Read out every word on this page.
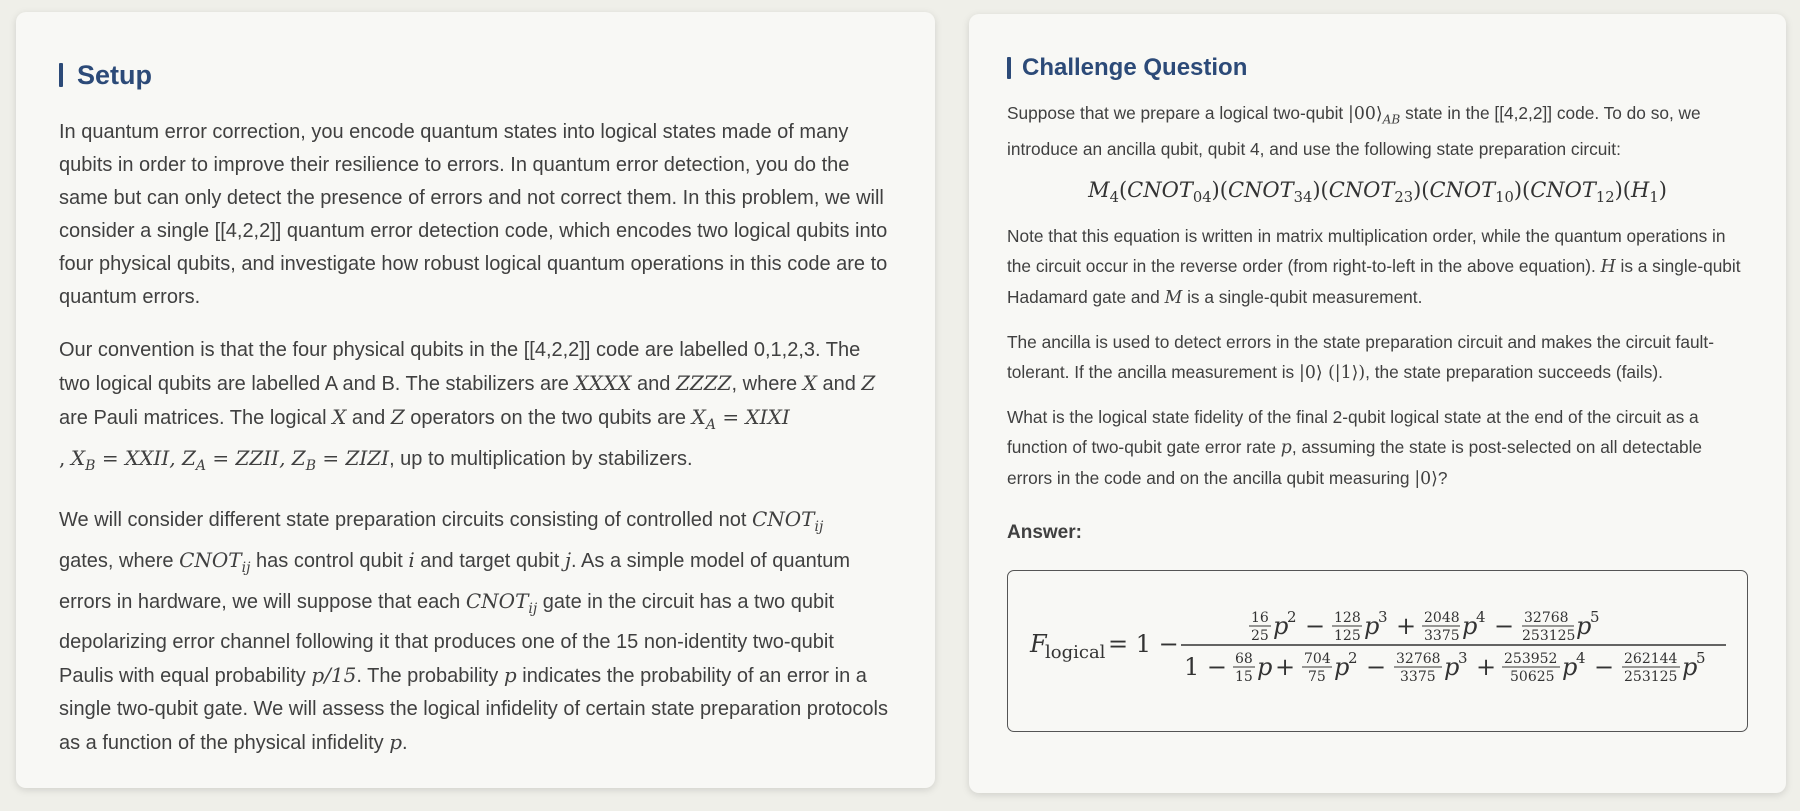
Setup

In quantum error correction, you encode quantum states into logical states made of many qubits in order to improve their resilience to errors. In quantum error detection, you do the same but can only detect the presence of errors and not correct them. In this problem, we will consider a single [[4,2,2]] quantum error detection code, which encodes two logical qubits into four physical qubits, and investigate how robust logical quantum operations in this code are to quantum errors.

Our convention is that the four physical qubits in the [[4,2,2]] code are labelled 0,1,2,3. The two logical qubits are labelled A and B. The stabilizers are XXXX and ZZZZ, where X and Z are Pauli matrices. The logical X and Z operators on the two qubits are $X_A$ = XIXI
, $X_B$ = XXII, $Z_A$ = ZZII, $Z_B$ = ZIZI, up to multiplication by stabilizers.

We will consider different state preparation circuits consisting of controlled not $CNOT_{ij}$
gates, where $CNOT_{ij}$ has control qubit i and target qubit j. As a simple model of quantum errors in hardware, we will suppose that each $CNOT_{ij}$ gate in the circuit has a two qubit depolarizing error channel following it that produces one of the 15 non-identity two-qubit Paulis with equal probability p/15. The probability p indicates the probability of an error in a single two-qubit gate. We will assess the logical infidelity of certain state preparation protocols as a function of the physical infidelity p.

Challenge Question

Suppose that we prepare a logical two-qubit $|00⟩_{AB}$ state in the [[4,2,2]] code. To do so, we introduce an ancilla qubit, qubit 4, and use the following state preparation circuit:

$M_4(CNOT_{04})(CNOT_{34})(CNOT_{23})(CNOT_{10})(CNOT_{12})(H_1)$

Note that this equation is written in matrix multiplication order, while the quantum operations in the circuit occur in the reverse order (from right-to-left in the above equation). H is a single-qubit Hadamard gate and M is a single-qubit measurement.

The ancilla is used to detect errors in the state preparation circuit and makes the circuit fault-tolerant. If the ancilla measurement is |0⟩ (|1⟩), the state preparation succeeds (fails).

What is the logical state fidelity of the final 2-qubit logical state at the end of the circuit as a function of two-qubit gate error rate p, assuming the state is post-selected on all detectable errors in the code and on the ancilla qubit measuring |0⟩?

Answer:
F
logical = 1 −
16
25 p
2 − 128
125 p
3 + 2048
3375 p
4 − 32768
253125 p
5
1 − 68
15 p + 704
75 p
2 − 32768
3375 p
3 + 253952
50625 p
4 − 262144
253125 p
5
